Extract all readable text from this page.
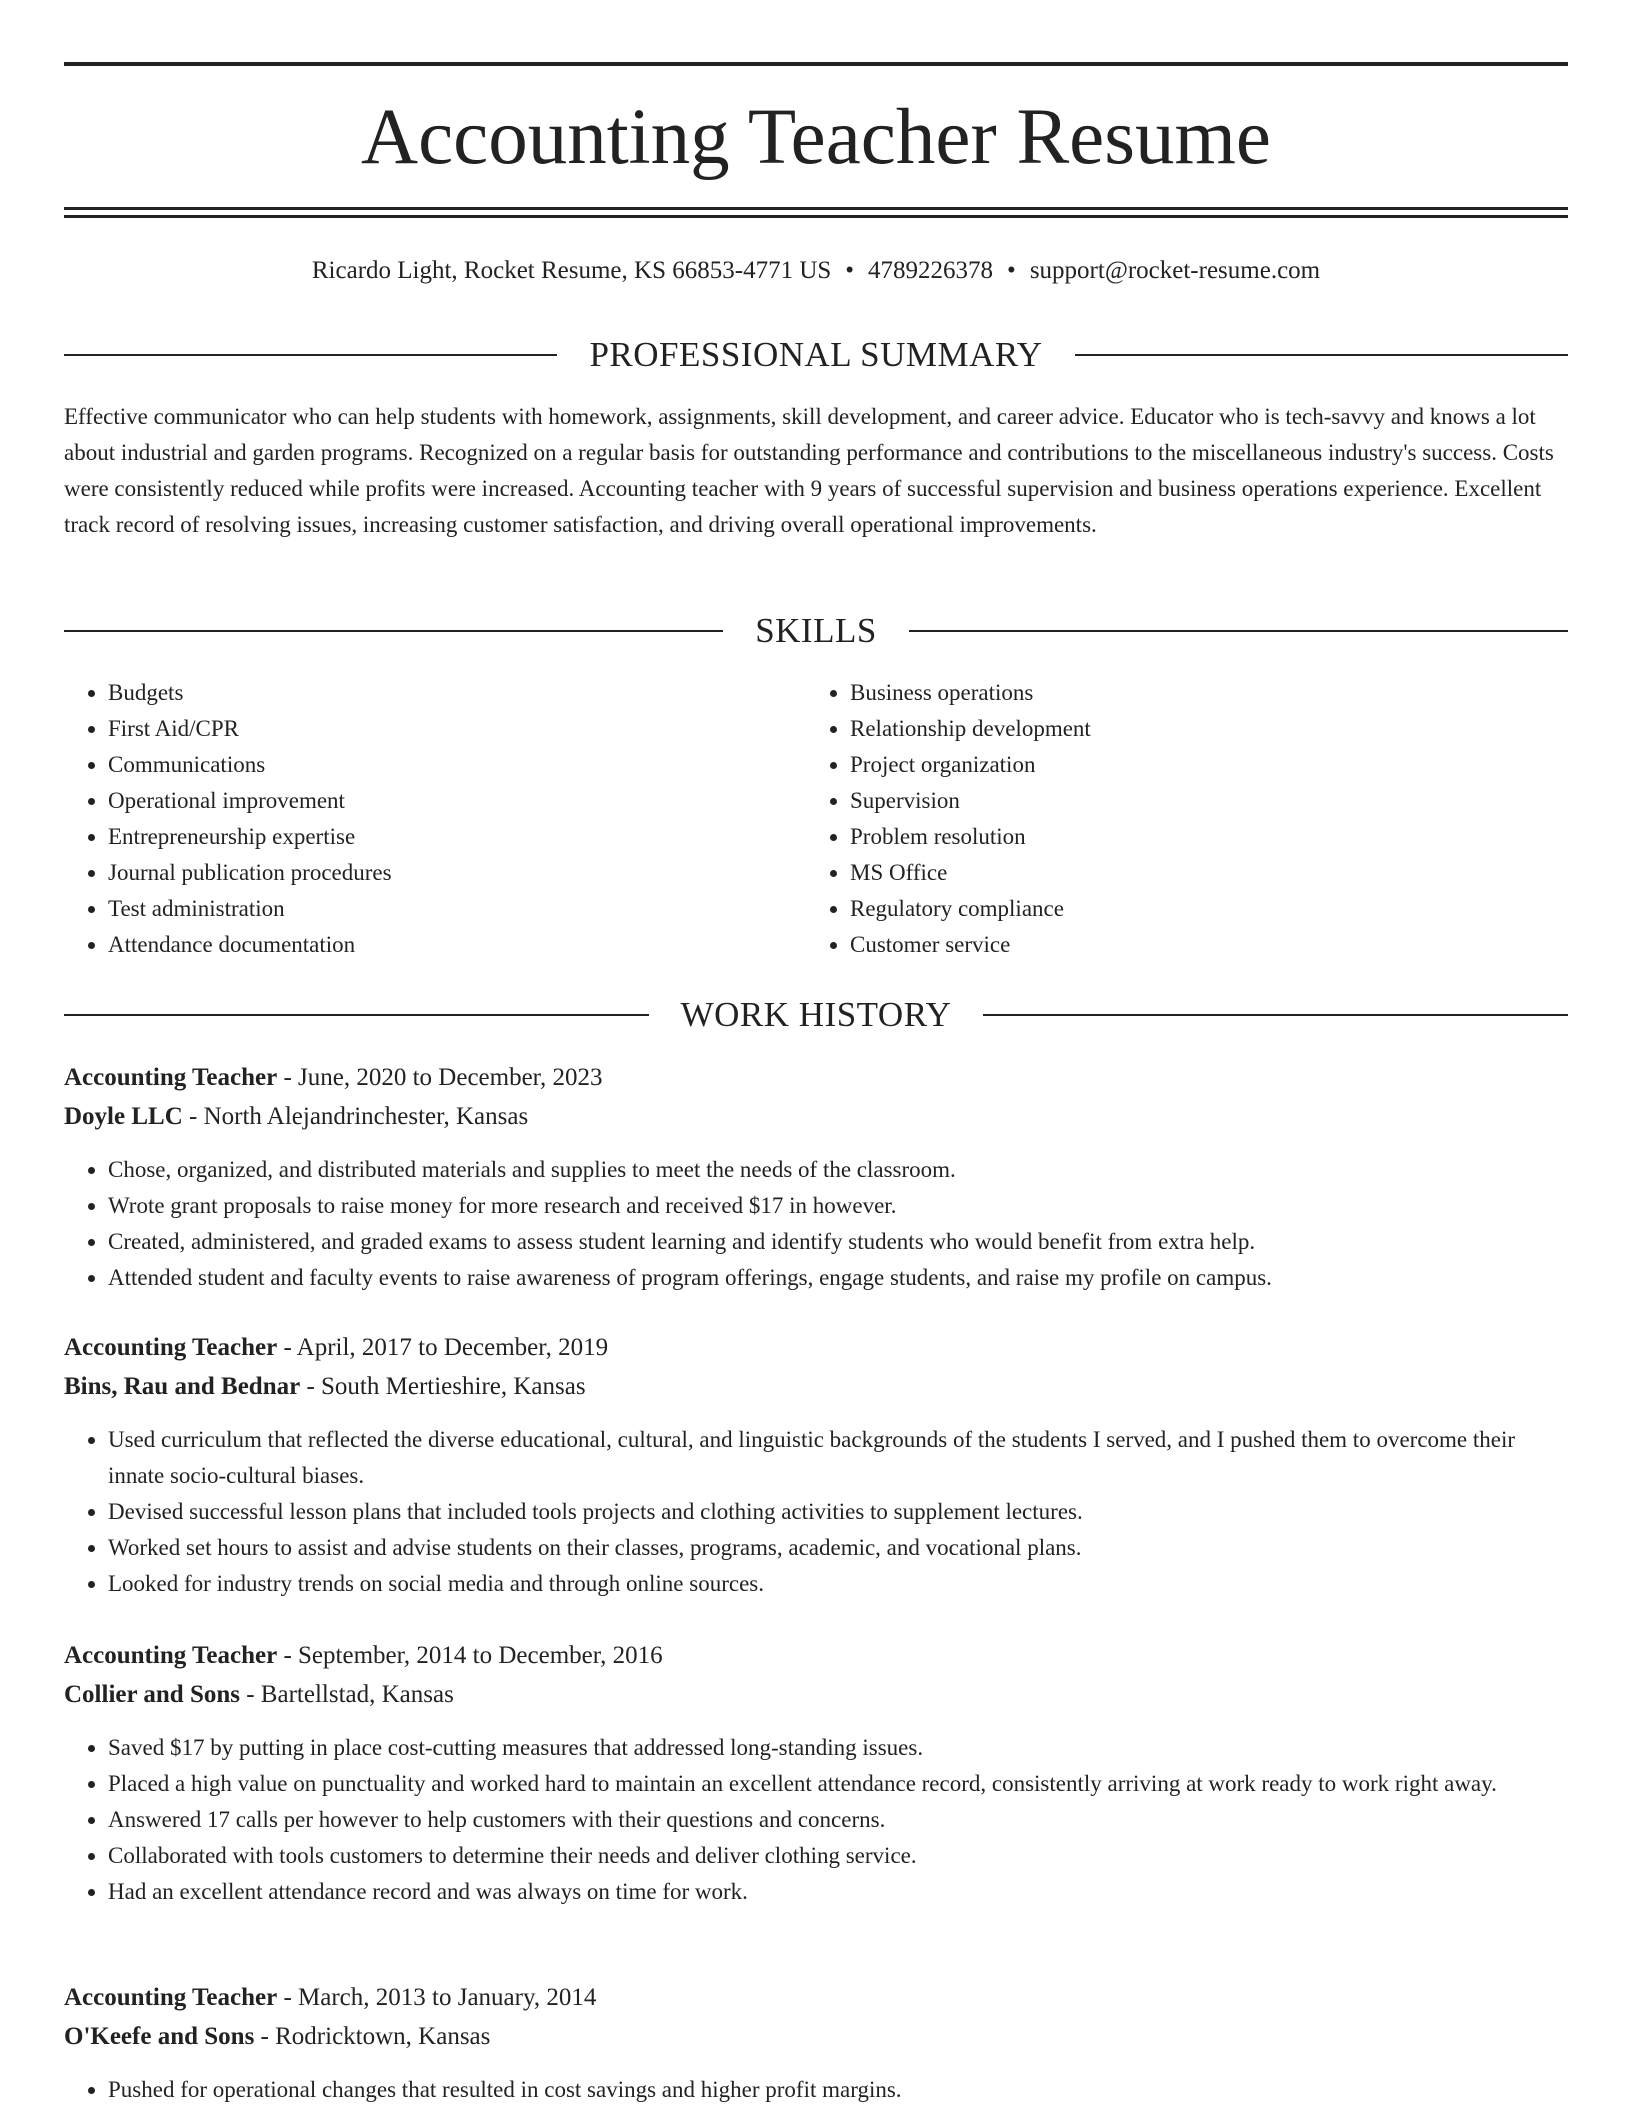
Accounting Teacher Resume
Ricardo Light, Rocket Resume, KS 66853-4771 US • 4789226378 • support@rocket-resume.com
PROFESSIONAL SUMMARY

Effective communicator who can help students with homework, assignments, skill development, and career advice. Educator who is tech-savvy and knows a lot about industrial and garden programs. Recognized on a regular basis for outstanding performance and contributions to the miscellaneous industry's success. Costs were consistently reduced while profits were increased. Accounting teacher with 9 years of successful supervision and business operations experience. Excellent track record of resolving issues, increasing customer satisfaction, and driving overall operational improvements.

SKILLS
• Budgets
• First Aid/CPR
• Communications
• Operational improvement
• Entrepreneurship expertise
• Journal publication procedures
• Test administration
• Attendance documentation
• Business operations
• Relationship development
• Project organization
• Supervision
• Problem resolution
• MS Office
• Regulatory compliance
• Customer service
WORK HISTORY
Accounting Teacher - June, 2020 to December, 2023
Doyle LLC - North Alejandrinchester, Kansas
• Chose, organized, and distributed materials and supplies to meet the needs of the classroom.
• Wrote grant proposals to raise money for more research and received $17 in however.
• Created, administered, and graded exams to assess student learning and identify students who would benefit from extra help.
• Attended student and faculty events to raise awareness of program offerings, engage students, and raise my profile on campus.
Accounting Teacher - April, 2017 to December, 2019
Bins, Rau and Bednar - South Mertieshire, Kansas
• Used curriculum that reflected the diverse educational, cultural, and linguistic backgrounds of the students I served, and I pushed them to overcome their innate socio-cultural biases.
• Devised successful lesson plans that included tools projects and clothing activities to supplement lectures.
• Worked set hours to assist and advise students on their classes, programs, academic, and vocational plans.
• Looked for industry trends on social media and through online sources.
Accounting Teacher - September, 2014 to December, 2016
Collier and Sons - Bartellstad, Kansas
• Saved $17 by putting in place cost-cutting measures that addressed long-standing issues.
• Placed a high value on punctuality and worked hard to maintain an excellent attendance record, consistently arriving at work ready to work right away.
• Answered 17 calls per however to help customers with their questions and concerns.
• Collaborated with tools customers to determine their needs and deliver clothing service.
• Had an excellent attendance record and was always on time for work.
Accounting Teacher - March, 2013 to January, 2014
O'Keefe and Sons - Rodricktown, Kansas
• Pushed for operational changes that resulted in cost savings and higher profit margins.
